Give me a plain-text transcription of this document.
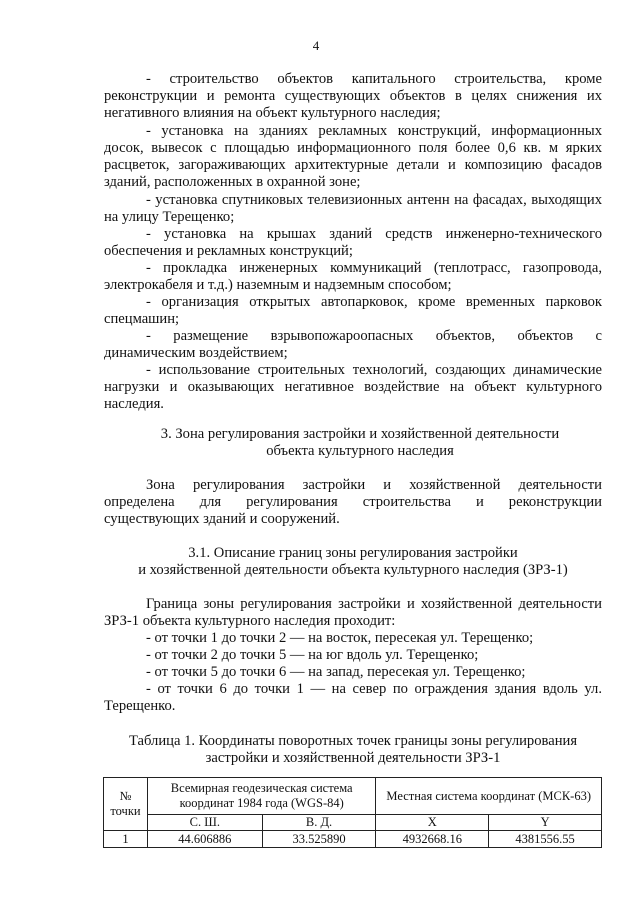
4

- строительство объектов капитального строительства, кроме реконструкции и ремонта существующих объектов в целях снижения их негативного влияния на объект культурного наследия;

- установка на зданиях рекламных конструкций, информационных досок, вывесок с площадью информационного поля более 0,6 кв. м ярких расцветок, загораживающих архитектурные детали и композицию фасадов зданий, расположенных в охранной зоне;

- установка спутниковых телевизионных антенн на фасадах, выходящих на улицу Терещенко;

- установка на крышах зданий средств инженерно-технического обеспечения и рекламных конструкций;

- прокладка инженерных коммуникаций (теплотрасс, газопровода, электрокабеля и т.д.) наземным и надземным способом;

- организация открытых автопарковок, кроме временных парковок спецмашин;

- размещение взрывопожароопасных объектов, объектов с динамическим воздействием;

- использование строительных технологий, создающих динамические нагрузки и оказывающих негативное воздействие на объект культурного наследия.

3. Зона регулирования застройки и хозяйственной деятельности
объекта культурного наследия
Зона регулирования застройки и хозяйственной деятельности
определена для регулирования строительства и реконструкции
существующих зданий и сооружений.
3.1. Описание границ зоны регулирования застройки
и хозяйственной деятельности объекта культурного наследия (ЗРЗ-1)

Граница зоны регулирования застройки и хозяйственной деятельности ЗРЗ-1 объекта культурного наследия проходит:

- от точки 1 до точки 2 — на восток, пересекая ул. Терещенко;

- от точки 2 до точки 5 — на юг вдоль ул. Терещенко;

- от точки 5 до точки 6 — на запад, пересекая ул. Терещенко;

- от точки 6 до точки 1 — на север по ограждения здания вдоль ул. Терещенко.

Таблица 1. Координаты поворотных точек границы зоны регулирования
застройки и хозяйственной деятельности ЗРЗ-1
№ точки	Всемирная геодезическая система координат 1984 года (WGS-84)		Местная система координат (МСК-63)	
	С. Ш.	В. Д.	X	Y
1	44.606886	33.525890	4932668.16	4381556.55
